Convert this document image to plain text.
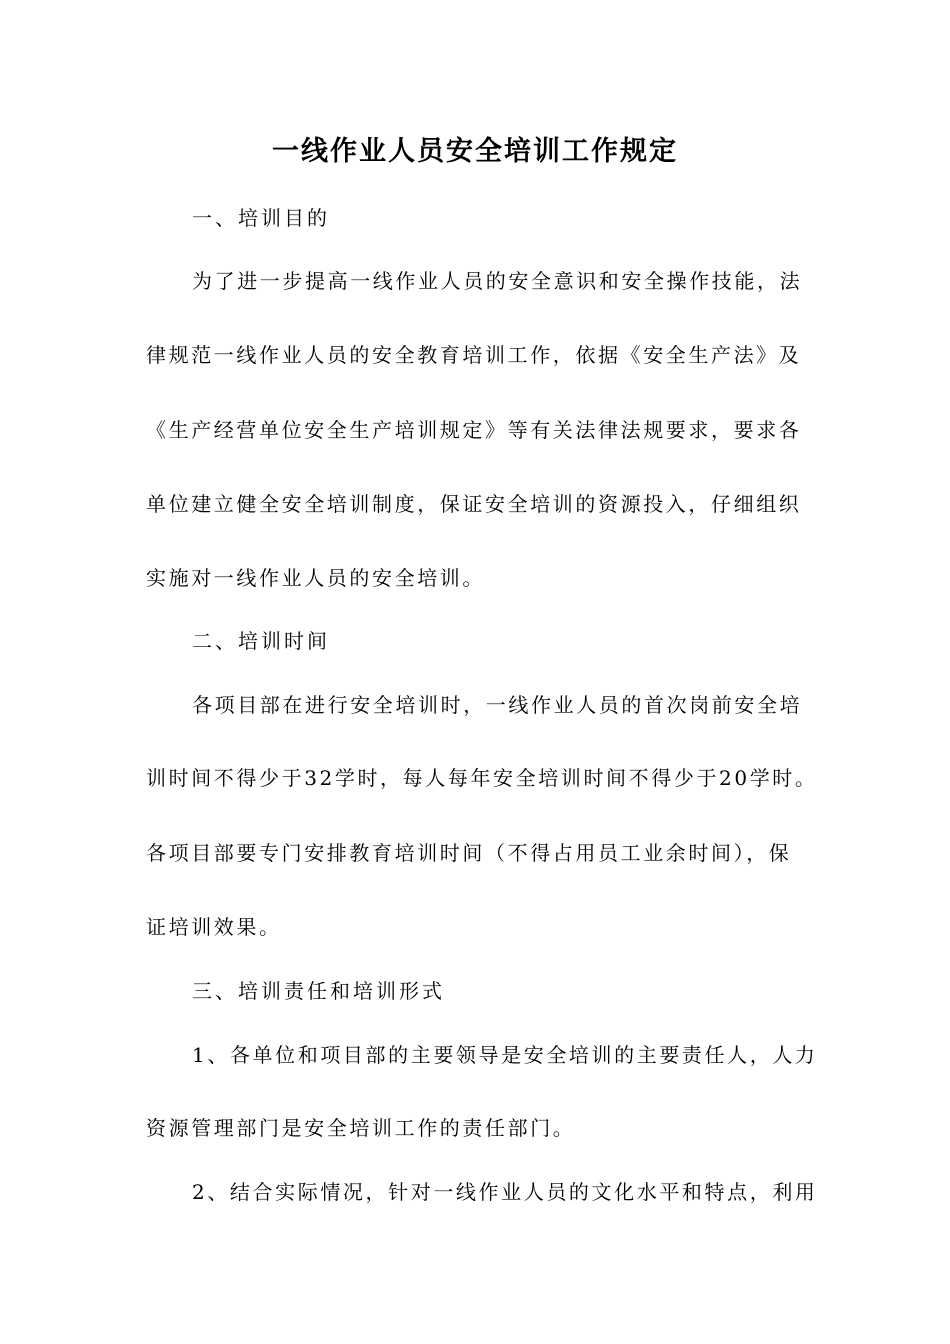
一线作业人员安全培训工作规定
一、培训目的
为了进一步提高一线作业人员的安全意识和安全操作技能，法
律规范一线作业人员的安全教育培训工作，依据《安全生产法》及
《生产经营单位安全生产培训规定》等有关法律法规要求，要求各
单位建立健全安全培训制度，保证安全培训的资源投入，仔细组织
实施对一线作业人员的安全培训。
二、培训时间
各项目部在进行安全培训时，一线作业人员的首次岗前安全培
训时间不得少于32学时，每人每年安全培训时间不得少于20学时。
各项目部要专门安排教育培训时间（不得占用员工业余时间），保
证培训效果。
三、培训责任和培训形式
1、各单位和项目部的主要领导是安全培训的主要责任人，人力
资源管理部门是安全培训工作的责任部门。
2、结合实际情况，针对一线作业人员的文化水平和特点，利用
